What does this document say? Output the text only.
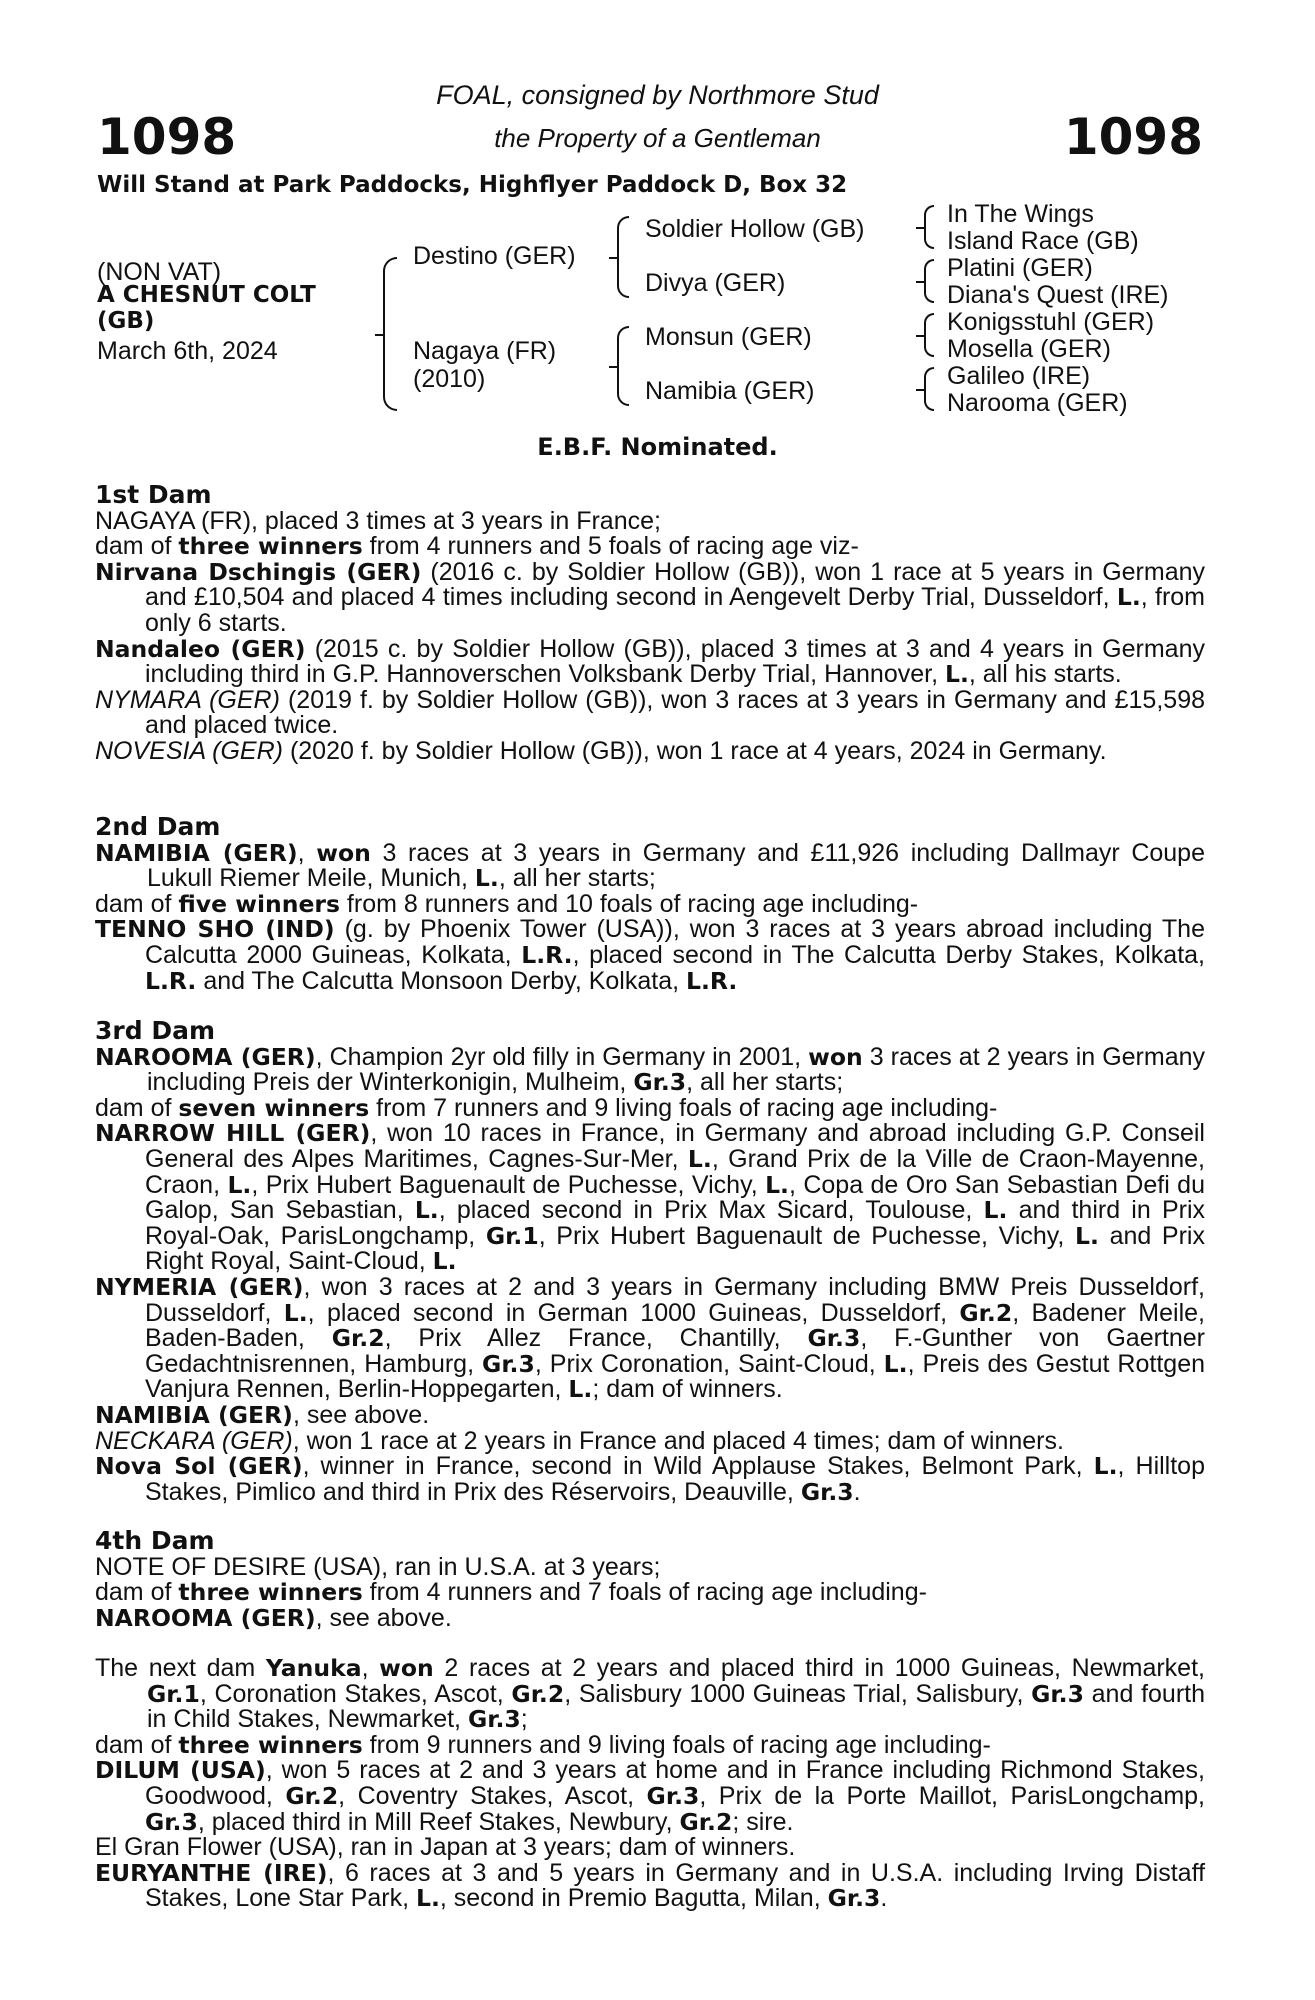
1098	1098
FOAL, consigned by Northmore Stud
the Property of a Gentleman
Will Stand at Park Paddocks, Highflyer Paddock D, Box 32
(NON VAT)
A CHESNUT COLT
(GB)
March 6th, 2024
Destino (GER)
Nagaya (FR)
(2010)
Soldier Hollow (GB)
Divya (GER)
Monsun (GER)
Namibia (GER)
In The Wings
Island Race (GB)
Platini (GER)
Diana's Quest (IRE)
Konigsstuhl (GER)
Mosella (GER)
Galileo (IRE)
Narooma (GER)
E.B.F. Nominated.

1st Dam

NAGAYA (FR), placed 3 times at 3 years in France;

dam of three winners from 4 runners and 5 foals of racing age viz-

Nirvana Dschingis (GER) (2016 c. by Soldier Hollow (GB)), won 1 race at 5 years in Germany and £10,504 and placed 4 times including second in Aengevelt Derby Trial, Dusseldorf, L., from only 6 starts.

Nandaleo (GER) (2015 c. by Soldier Hollow (GB)), placed 3 times at 3 and 4 years in Germany including third in G.P. Hannoverschen Volksbank Derby Trial, Hannover, L., all his starts.

NYMARA (GER) (2019 f. by Soldier Hollow (GB)), won 3 races at 3 years in Germany and £15,598 and placed twice.

NOVESIA (GER) (2020 f. by Soldier Hollow (GB)), won 1 race at 4 years, 2024 in Germany.

2nd Dam

NAMIBIA (GER), won 3 races at 3 years in Germany and £11,926 including Dallmayr Coupe Lukull Riemer Meile, Munich, L., all her starts;

dam of five winners from 8 runners and 10 foals of racing age including-

TENNO SHO (IND) (g. by Phoenix Tower (USA)), won 3 races at 3 years abroad including The Calcutta 2000 Guineas, Kolkata, L.R., placed second in The Calcutta Derby Stakes, Kolkata, L.R. and The Calcutta Monsoon Derby, Kolkata, L.R.

3rd Dam

NAROOMA (GER), Champion 2yr old filly in Germany in 2001, won 3 races at 2 years in Germany including Preis der Winterkonigin, Mulheim, Gr.3, all her starts;

dam of seven winners from 7 runners and 9 living foals of racing age including-

NARROW HILL (GER), won 10 races in France, in Germany and abroad including G.P. Conseil General des Alpes Maritimes, Cagnes-Sur-Mer, L., Grand Prix de la Ville de Craon-Mayenne, Craon, L., Prix Hubert Baguenault de Puchesse, Vichy, L., Copa de Oro San Sebastian Defi du Galop, San Sebastian, L., placed second in Prix Max Sicard, Toulouse, L. and third in Prix Royal-Oak, ParisLongchamp, Gr.1, Prix Hubert Baguenault de Puchesse, Vichy, L. and Prix Right Royal, Saint-Cloud, L.

NYMERIA (GER), won 3 races at 2 and 3 years in Germany including BMW Preis Dusseldorf, Dusseldorf, L., placed second in German 1000 Guineas, Dusseldorf, Gr.2, Badener Meile, Baden-Baden, Gr.2, Prix Allez France, Chantilly, Gr.3, F.-Gunther von Gaertner Gedachtnisrennen, Hamburg, Gr.3, Prix Coronation, Saint-Cloud, L., Preis des Gestut Rottgen Vanjura Rennen, Berlin-Hoppegarten, L.; dam of winners.

NAMIBIA (GER), see above.

NECKARA (GER), won 1 race at 2 years in France and placed 4 times; dam of winners.

Nova Sol (GER), winner in France, second in Wild Applause Stakes, Belmont Park, L., Hilltop Stakes, Pimlico and third in Prix des Réservoirs, Deauville, Gr.3.

4th Dam

NOTE OF DESIRE (USA), ran in U.S.A. at 3 years;

dam of three winners from 4 runners and 7 foals of racing age including-

NAROOMA (GER), see above.

The next dam Yanuka, won 2 races at 2 years and placed third in 1000 Guineas, Newmarket, Gr.1, Coronation Stakes, Ascot, Gr.2, Salisbury 1000 Guineas Trial, Salisbury, Gr.3 and fourth in Child Stakes, Newmarket, Gr.3;

dam of three winners from 9 runners and 9 living foals of racing age including-

DILUM (USA), won 5 races at 2 and 3 years at home and in France including Richmond Stakes, Goodwood, Gr.2, Coventry Stakes, Ascot, Gr.3, Prix de la Porte Maillot, ParisLongchamp, Gr.3, placed third in Mill Reef Stakes, Newbury, Gr.2; sire.

El Gran Flower (USA), ran in Japan at 3 years; dam of winners.

EURYANTHE (IRE), 6 races at 3 and 5 years in Germany and in U.S.A. including Irving Distaff Stakes, Lone Star Park, L., second in Premio Bagutta, Milan, Gr.3.
